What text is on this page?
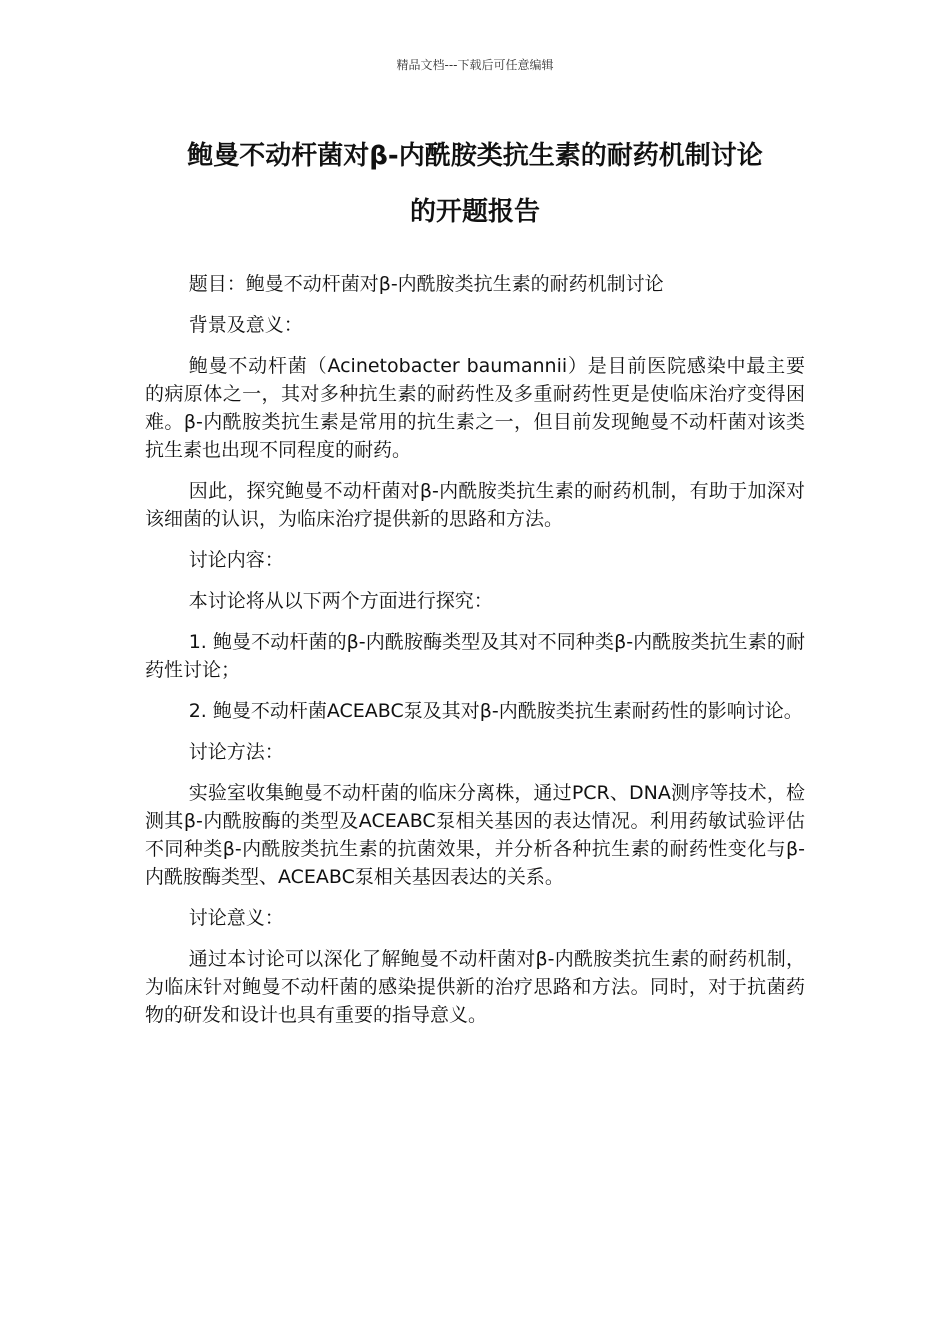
精品文档---下载后可任意编辑
鲍曼不动杆菌对β-内酰胺类抗生素的耐药机制讨论
的开题报告

题目：鲍曼不动杆菌对β-内酰胺类抗生素的耐药机制讨论

背景及意义：

鲍曼不动杆菌（Acinetobacter baumannii）是目前医院感染中最主要的病原体之一，其对多种抗生素的耐药性及多重耐药性更是使临床治疗变得困难。β-内酰胺类抗生素是常用的抗生素之一，但目前发现鲍曼不动杆菌对该类抗生素也出现不同程度的耐药。

因此，探究鲍曼不动杆菌对β-内酰胺类抗生素的耐药机制，有助于加深对该细菌的认识，为临床治疗提供新的思路和方法。

讨论内容：

本讨论将从以下两个方面进行探究：

1. 鲍曼不动杆菌的β-内酰胺酶类型及其对不同种类β-内酰胺类抗生素的耐药性讨论；

2. 鲍曼不动杆菌ACEABC泵及其对β-内酰胺类抗生素耐药性的影响讨论。

讨论方法：

实验室收集鲍曼不动杆菌的临床分离株，通过PCR、DNA测序等技术，检测其β-内酰胺酶的类型及ACEABC泵相关基因的表达情况。利用药敏试验评估不同种类β-内酰胺类抗生素的抗菌效果，并分析各种抗生素的耐药性变化与β-内酰胺酶类型、ACEABC泵相关基因表达的关系。

讨论意义：

通过本讨论可以深化了解鲍曼不动杆菌对β-内酰胺类抗生素的耐药机制，为临床针对鲍曼不动杆菌的感染提供新的治疗思路和方法。同时，对于抗菌药物的研发和设计也具有重要的指导意义。
